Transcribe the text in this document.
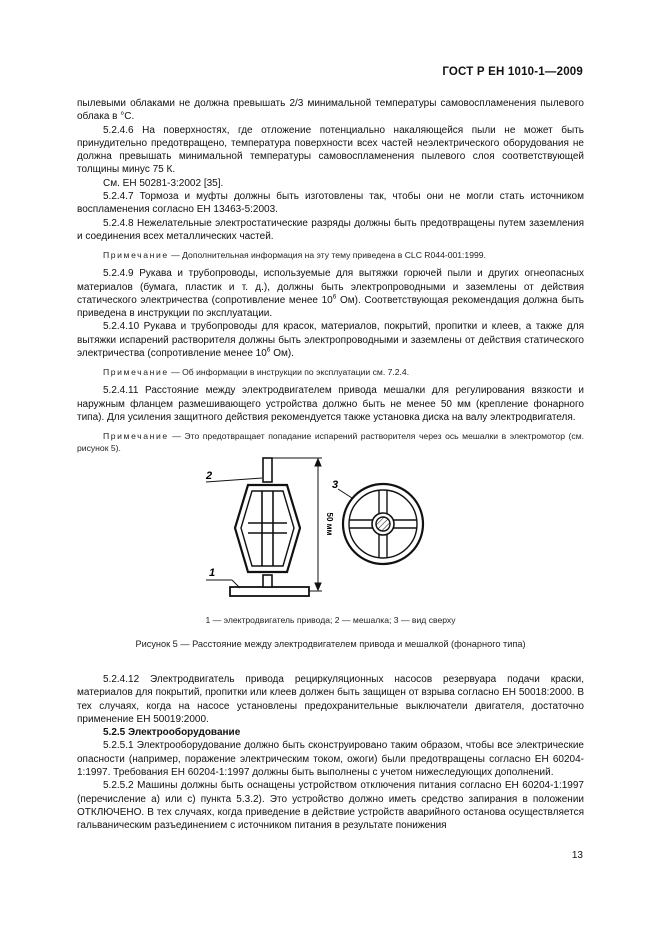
ГОСТ Р ЕН 1010-1—2009

пылевыми облаками не должна превышать 2/3 минимальной температуры самовоспламенения пылевого облака в °С.

5.2.4.6 На поверхностях, где отложение потенциально накаляющейся пыли не может быть принудительно предотвращено, температура поверхности всех частей неэлектрического оборудования не должна превышать минимальной температуры самовоспламенения пылевого слоя соответствующей толщины минус 75 К.

См. ЕН 50281-3:2002 [35].

5.2.4.7 Тормоза и муфты должны быть изготовлены так, чтобы они не могли стать источником воспламенения согласно ЕН 13463-5:2003.

5.2.4.8 Нежелательные электростатические разряды должны быть предотвращены путем заземления и соединения всех металлических частей.

Примечание — Дополнительная информация на эту тему приведена в CLC R044-001:1999.

5.2.4.9 Рукава и трубопроводы, используемые для вытяжки горючей пыли и других огнеопасных материалов (бумага, пластик и т. д.), должны быть электропроводными и заземлены от действия статического электричества (сопротивление менее $10^6$ Ом). Соответствующая рекомендация должна быть приведена в инструкции по эксплуатации.

5.2.4.10 Рукава и трубопроводы для красок, материалов, покрытий, пропитки и клеев, а также для вытяжки испарений растворителя должны быть электропроводными и заземлены от действия статического электричества (сопротивление менее $10^6$ Ом).

Примечание — Об информации в инструкции по эксплуатации см. 7.2.4.

5.2.4.11 Расстояние между электродвигателем привода мешалки для регулирования вязкости и наружным фланцем размешивающего устройства должно быть не менее 50 мм (крепление фонарного типа). Для усиления защитного действия рекомендуется также установка диска на валу электродвигателя.

Примечание — Это предотвращает попадание испарений растворителя через ось мешалки в электромотор (см. рисунок 5).

50 мм
2
1
3
1 — электродвигатель привода; 2 — мешалка; 3 — вид сверху
Рисунок 5 — Расстояние между электродвигателем привода и мешалкой (фонарного типа)

5.2.4.12 Электродвигатель привода рециркуляционных насосов резервуара подачи краски, материалов для покрытий, пропитки или клеев должен быть защищен от взрыва согласно ЕН 50018:2000. В тех случаях, когда на насосе установлены предохранительные выключатели двигателя, достаточно применение ЕН 50019:2000.

5.2.5 Электрооборудование

5.2.5.1 Электрооборудование должно быть сконструировано таким образом, чтобы все электрические опасности (например, поражение электрическим током, ожоги) были предотвращены согласно ЕН 60204-1:1997. Требования ЕН 60204-1:1997 должны быть выполнены с учетом нижеследующих дополнений.

5.2.5.2 Машины должны быть оснащены устройством отключения питания согласно ЕН 60204-1:1997 (перечисление а) или с) пункта 5.3.2). Это устройство должно иметь средство запирания в положении ОТКЛЮЧЕНО. В тех случаях, когда приведение в действие устройств аварийного останова осуществляется гальваническим разъединением с источником питания в результате понижения

13
